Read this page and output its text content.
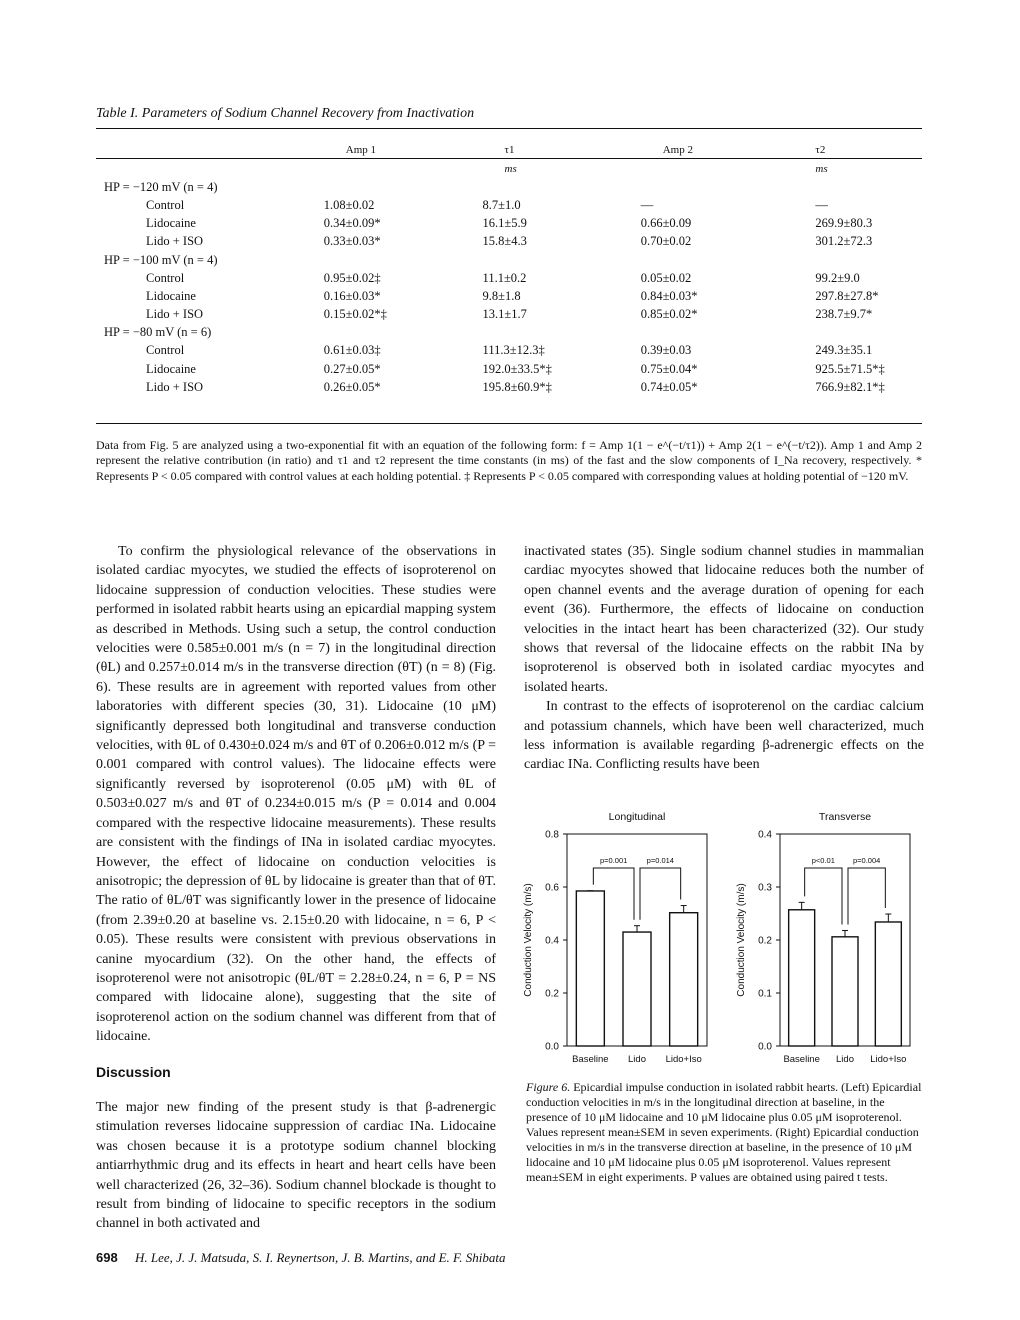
Table I. Parameters of Sodium Channel Recovery from Inactivation
	Amp 1	τ1	Amp 2	τ2
		ms		ms
HP = −120 mV (n = 4)				
Control	1.08±0.02	8.7±1.0	—	—
Lidocaine	0.34±0.09*	16.1±5.9	0.66±0.09	269.9±80.3
Lido + ISO	0.33±0.03*	15.8±4.3	0.70±0.02	301.2±72.3
HP = −100 mV (n = 4)				
Control	0.95±0.02‡	11.1±0.2	0.05±0.02	99.2±9.0
Lidocaine	0.16±0.03*	9.8±1.8	0.84±0.03*	297.8±27.8*
Lido + ISO	0.15±0.02*‡	13.1±1.7	0.85±0.02*	238.7±9.7*
HP = −80 mV (n = 6)				
Control	0.61±0.03‡	111.3±12.3‡	0.39±0.03	249.3±35.1
Lidocaine	0.27±0.05*	192.0±33.5*‡	0.75±0.04*	925.5±71.5*‡
Lido + ISO	0.26±0.05*	195.8±60.9*‡	0.74±0.05*	766.9±82.1*‡
Data from Fig. 5 are analyzed using a two-exponential fit with an equation of the following form: f = Amp 1(1 − e^(−t/τ1)) + Amp 2(1 − e^(−t/τ2)). Amp 1 and Amp 2 represent the relative contribution (in ratio) and τ1 and τ2 represent the time constants (in ms) of the fast and the slow components of I_Na recovery, respectively. * Represents P < 0.05 compared with control values at each holding potential. ‡ Represents P < 0.05 compared with corresponding values at holding potential of −120 mV.

To confirm the physiological relevance of the observations in isolated cardiac myocytes, we studied the effects of isoproterenol on lidocaine suppression of conduction velocities. These studies were performed in isolated rabbit hearts using an epicardial mapping system as described in Methods. Using such a setup, the control conduction velocities were 0.585±0.001 m/s (n = 7) in the longitudinal direction (θL) and 0.257±0.014 m/s in the transverse direction (θT) (n = 8) (Fig. 6). These results are in agreement with reported values from other laboratories with different species (30, 31). Lidocaine (10 μM) significantly depressed both longitudinal and transverse conduction velocities, with θL of 0.430±0.024 m/s and θT of 0.206±0.012 m/s (P = 0.001 compared with control values). The lidocaine effects were significantly reversed by isoproterenol (0.05 μM) with θL of 0.503±0.027 m/s and θT of 0.234±0.015 m/s (P = 0.014 and 0.004 compared with the respective lidocaine measurements). These results are consistent with the findings of INa in isolated cardiac myocytes. However, the effect of lidocaine on conduction velocities is anisotropic; the depression of θL by lidocaine is greater than that of θT. The ratio of θL/θT was significantly lower in the presence of lidocaine (from 2.39±0.20 at baseline vs. 2.15±0.20 with lidocaine, n = 6, P < 0.05). These results were consistent with previous observations in canine myocardium (32). On the other hand, the effects of isoproterenol were not anisotropic (θL/θT = 2.28±0.24, n = 6, P = NS compared with lidocaine alone), suggesting that the site of isoproterenol action on the sodium channel was different from that of lidocaine.

Discussion

The major new finding of the present study is that β-adrenergic stimulation reverses lidocaine suppression of cardiac INa. Lidocaine was chosen because it is a prototype sodium channel blocking antiarrhythmic drug and its effects in heart and heart cells have been well characterized (26, 32–36). Sodium channel blockade is thought to result from binding of lidocaine to specific receptors in the sodium channel in both activated and

inactivated states (35). Single sodium channel studies in mammalian cardiac myocytes showed that lidocaine reduces both the number of open channel events and the average duration of opening for each event (36). Furthermore, the effects of lidocaine on conduction velocities in the intact heart has been characterized (32). Our study shows that reversal of the lidocaine effects on the rabbit INa by isoproterenol is observed both in isolated cardiac myocytes and isolated hearts.

In contrast to the effects of isoproterenol on the cardiac calcium and potassium channels, which have been well characterized, much less information is available regarding β-adrenergic effects on the cardiac INa. Conflicting results have been

Longitudinal
Conduction Velocity (m/s)
0.0
0.2
0.4
0.6
0.8
Baseline Lido Lido+Iso
p=0.001	p=0.014
Transverse
Conduction Velocity (m/s)
0.0
0.1
0.2
0.3
0.4
Baseline Lido Lido+Iso
p<0.01 p=0.004
Figure 6. Epicardial impulse conduction in isolated rabbit hearts. (Left) Epicardial conduction velocities in m/s in the longitudinal direction at baseline, in the presence of 10 μM lidocaine and 10 μM lidocaine plus 0.05 μM isoproterenol. Values represent mean±SEM in seven experiments. (Right) Epicardial conduction velocities in m/s in the transverse direction at baseline, in the presence of 10 μM lidocaine and 10 μM lidocaine plus 0.05 μM isoproterenol. Values represent mean±SEM in eight experiments. P values are obtained using paired t tests.
698 H. Lee, J. J. Matsuda, S. I. Reynertson, J. B. Martins, and E. F. Shibata
